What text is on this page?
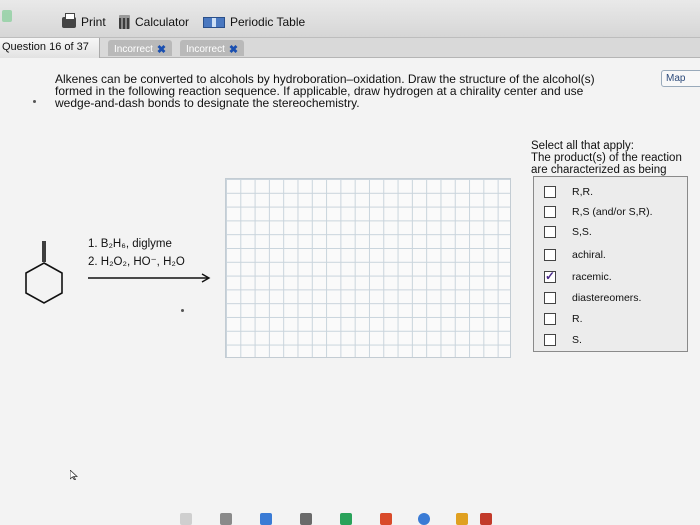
Print Calculator	Periodic Table
Question 16 of 37	Incorrect ✖ Incorrect ✖
Alkenes can be converted to alcohols by hydroboration–oxidation. Draw the structure of the alcohol(s)
formed in the following reaction sequence. If applicable, draw hydrogen at a chirality center and use
wedge-and-dash bonds to designate the stereochemistry.
Map
1. B₂H₆, diglyme
2. H₂O₂, HO⁻, H₂O
Select all that apply:
The product(s) of the reaction
are characterized as being
R,R.
R,S (and/or S,R).
S,S.
achiral.
✓
racemic.
diastereomers.
R.
S.
